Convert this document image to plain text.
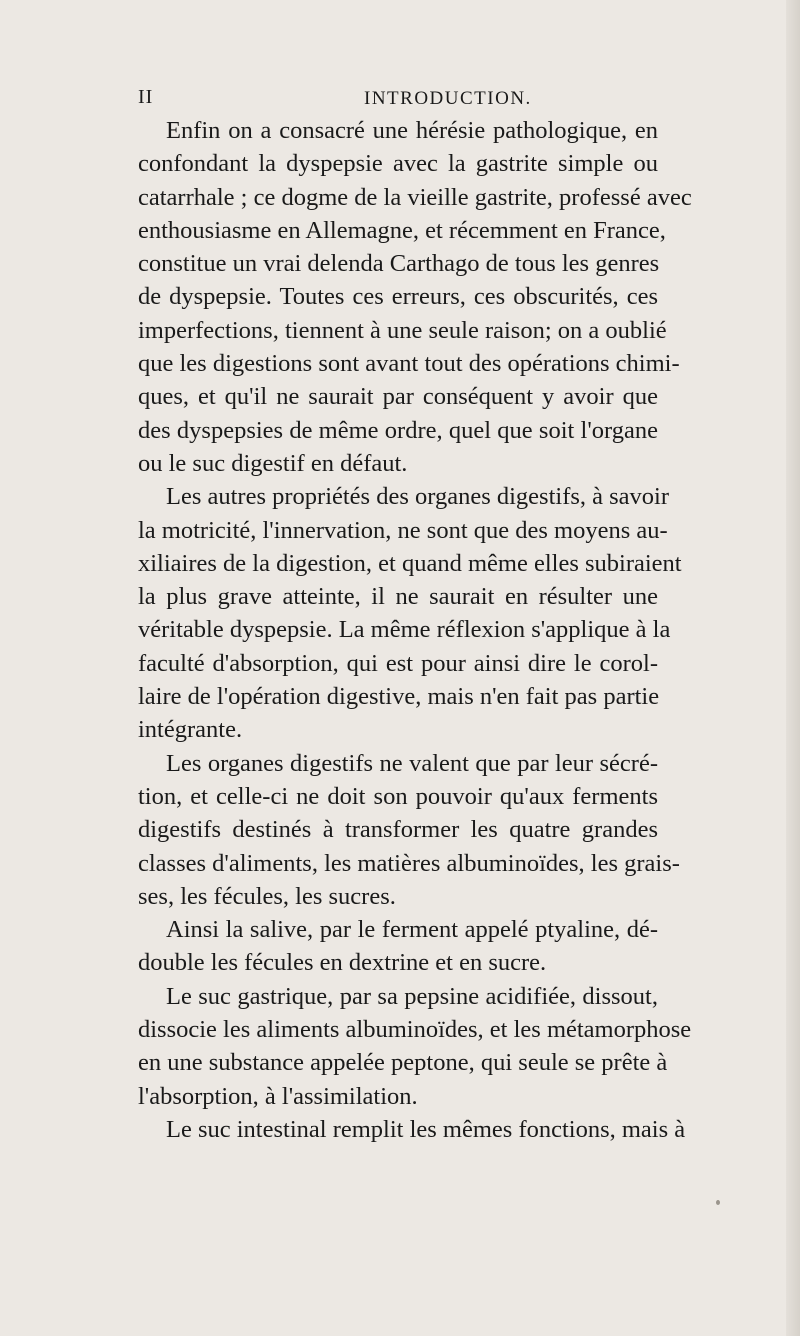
II	INTRODUCTION.
Enfin on a consacré une hérésie pathologique, en
confondant la dyspepsie avec la gastrite simple ou
catarrhale ; ce dogme de la vieille gastrite, professé avec
enthousiasme en Allemagne, et récemment en France,
constitue un vrai delenda Carthago de tous les genres
de dyspepsie. Toutes ces erreurs, ces obscurités, ces
imperfections, tiennent à une seule raison; on a oublié
que les digestions sont avant tout des opérations chimi-
ques, et qu'il ne saurait par conséquent y avoir que
des dyspepsies de même ordre, quel que soit l'organe
ou le suc digestif en défaut.
Les autres propriétés des organes digestifs, à savoir
la motricité, l'innervation, ne sont que des moyens au-
xiliaires de la digestion, et quand même elles subiraient
la plus grave atteinte, il ne saurait en résulter une
véritable dyspepsie. La même réflexion s'applique à la
faculté d'absorption, qui est pour ainsi dire le corol-
laire de l'opération digestive, mais n'en fait pas partie
intégrante.
Les organes digestifs ne valent que par leur sécré-
tion, et celle-ci ne doit son pouvoir qu'aux ferments
digestifs destinés à transformer les quatre grandes
classes d'aliments, les matières albuminoïdes, les grais-
ses, les fécules, les sucres.
Ainsi la salive, par le ferment appelé ptyaline, dé-
double les fécules en dextrine et en sucre.
Le suc gastrique, par sa pepsine acidifiée, dissout,
dissocie les aliments albuminoïdes, et les métamorphose
en une substance appelée peptone, qui seule se prête à
l'absorption, à l'assimilation.
Le suc intestinal remplit les mêmes fonctions, mais à
